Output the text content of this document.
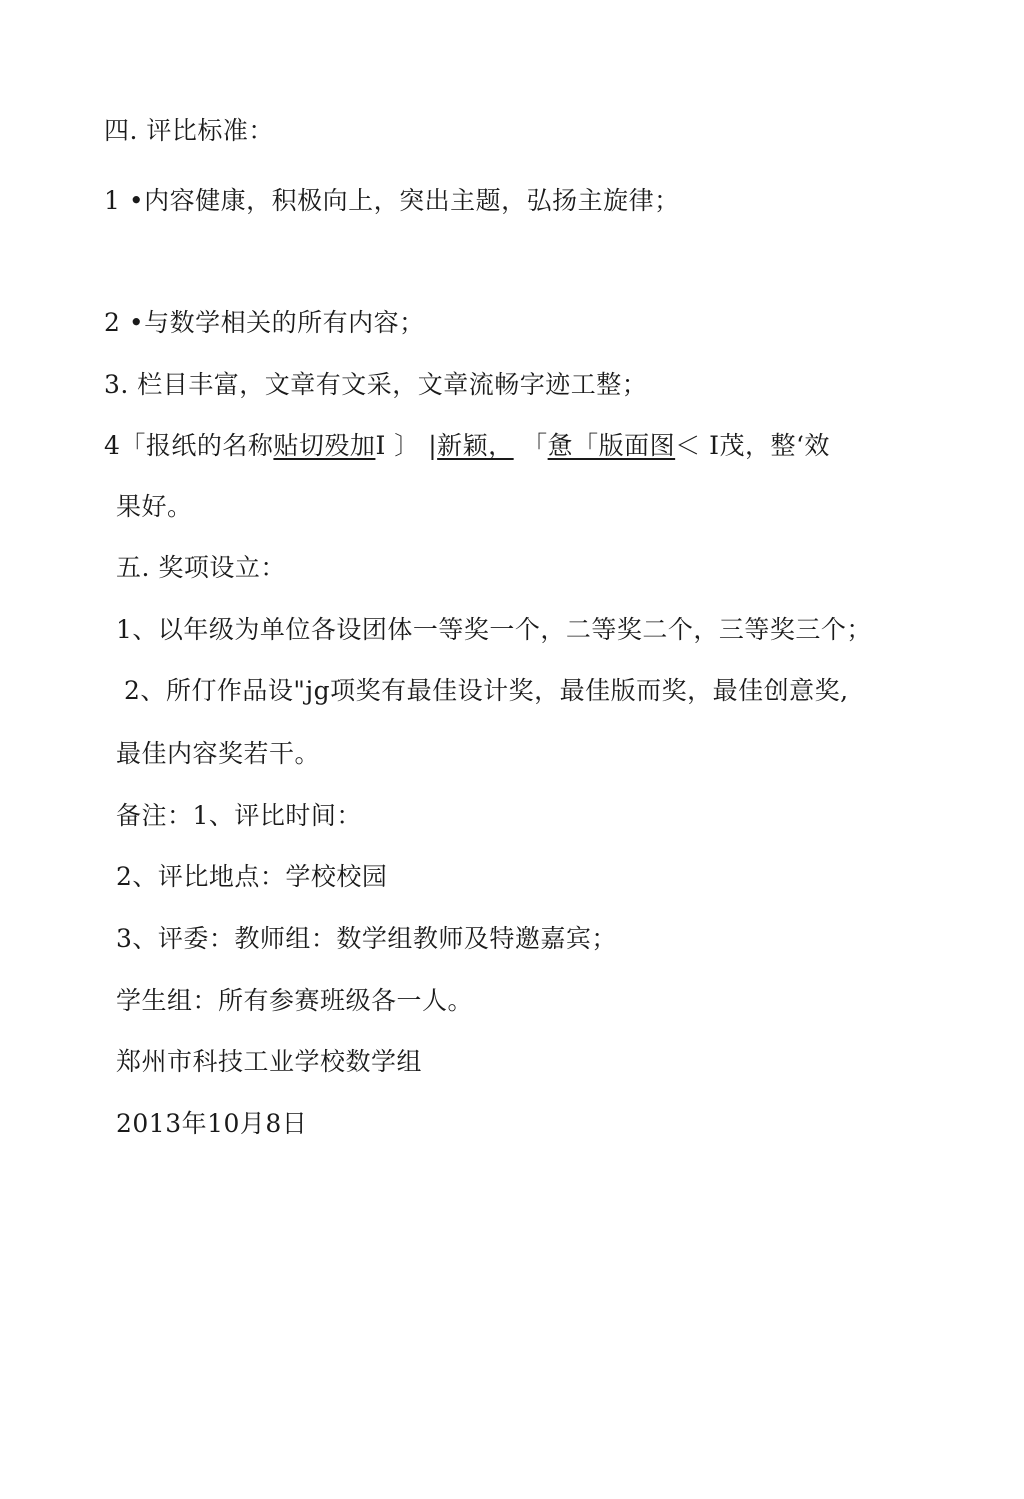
四. 评比标准：
1 •内容健康，积极向上，突出主题，弘扬主旋律；
2 •与数学相关的所有内容；
3. 栏目丰富，文章有文采，文章流畅字迹工整；
4「报纸的名称贴切殁加I 〕 |新颖， 「惫「版面图＜ I茂，整‘效
果好。
五. 奖项设立：
1、以年级为单位各设团体一等奖一个，二等奖二个，三等奖三个；
2、所仃作品设"jg项奖有最佳设计奖，最佳版而奖，最佳创意奖,
最佳内容奖若干。
备注：1、评比时间：
2、评比地点：学校校园
3、评委：教师组：数学组教师及特邀嘉宾；
学生组：所有参赛班级各一人。
郑州市科技工业学校数学组
2013年10月8日
